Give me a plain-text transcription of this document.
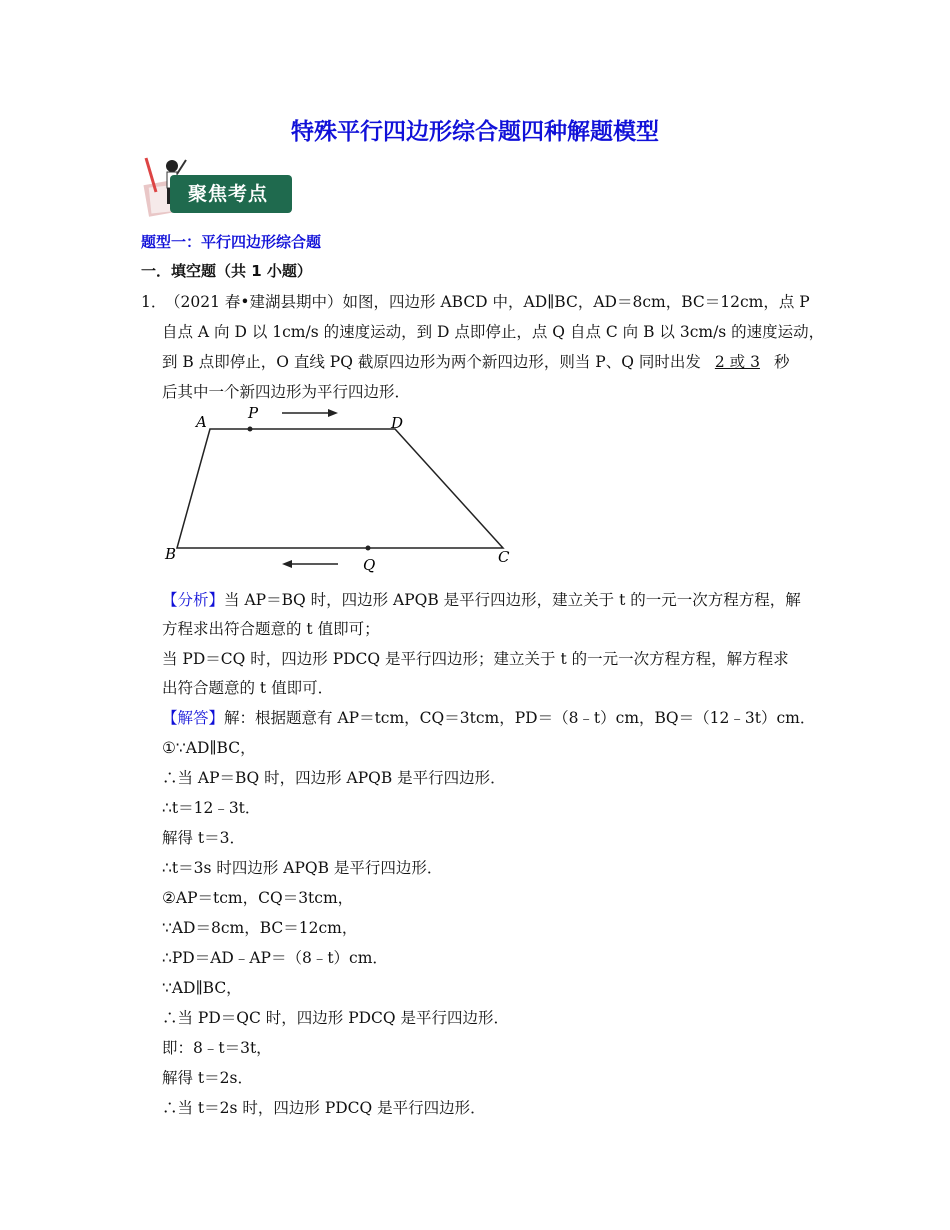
特殊平行四边形综合题四种解题模型
聚焦考点
题型一：平行四边形综合题
一．填空题（共 1 小题）
1．
（2021 春•建湖县期中）如图，四边形 ABCD 中，AD∥BC，AD＝8cm，BC＝12cm，点 P
自点 A 向 D 以 1cm/s 的速度运动，到 D 点即停止，点 Q 自点 C 向 B 以 3cm/s 的速度运动，
到 B 点即停止，O 直线 PQ 截原四边形为两个新四边形，则当 P、Q 同时出发 2 或 3 秒
后其中一个新四边形为平行四边形．
A	P
D
B
Q	C
【分析】当 AP＝BQ 时，四边形 APQB 是平行四边形，建立关于 t 的一元一次方程方程，解
方程求出符合题意的 t 值即可；
当 PD＝CQ 时，四边形 PDCQ 是平行四边形；建立关于 t 的一元一次方程方程，解方程求
出符合题意的 t 值即可．
【解答】解：根据题意有 AP＝tcm，CQ＝3tcm，PD＝（8﹣t）cm，BQ＝（12﹣3t）cm．
①∵AD∥BC，
∴当 AP＝BQ 时，四边形 APQB 是平行四边形．
∴t＝12﹣3t．
解得 t＝3．
∴t＝3s 时四边形 APQB 是平行四边形．
②AP＝tcm，CQ＝3tcm，
∵AD＝8cm，BC＝12cm，
∴PD＝AD﹣AP＝（8﹣t）cm．
∵AD∥BC，
∴当 PD＝QC 时，四边形 PDCQ 是平行四边形．
即：8﹣t＝3t，
解得 t＝2s．
∴当 t＝2s 时，四边形 PDCQ 是平行四边形．
